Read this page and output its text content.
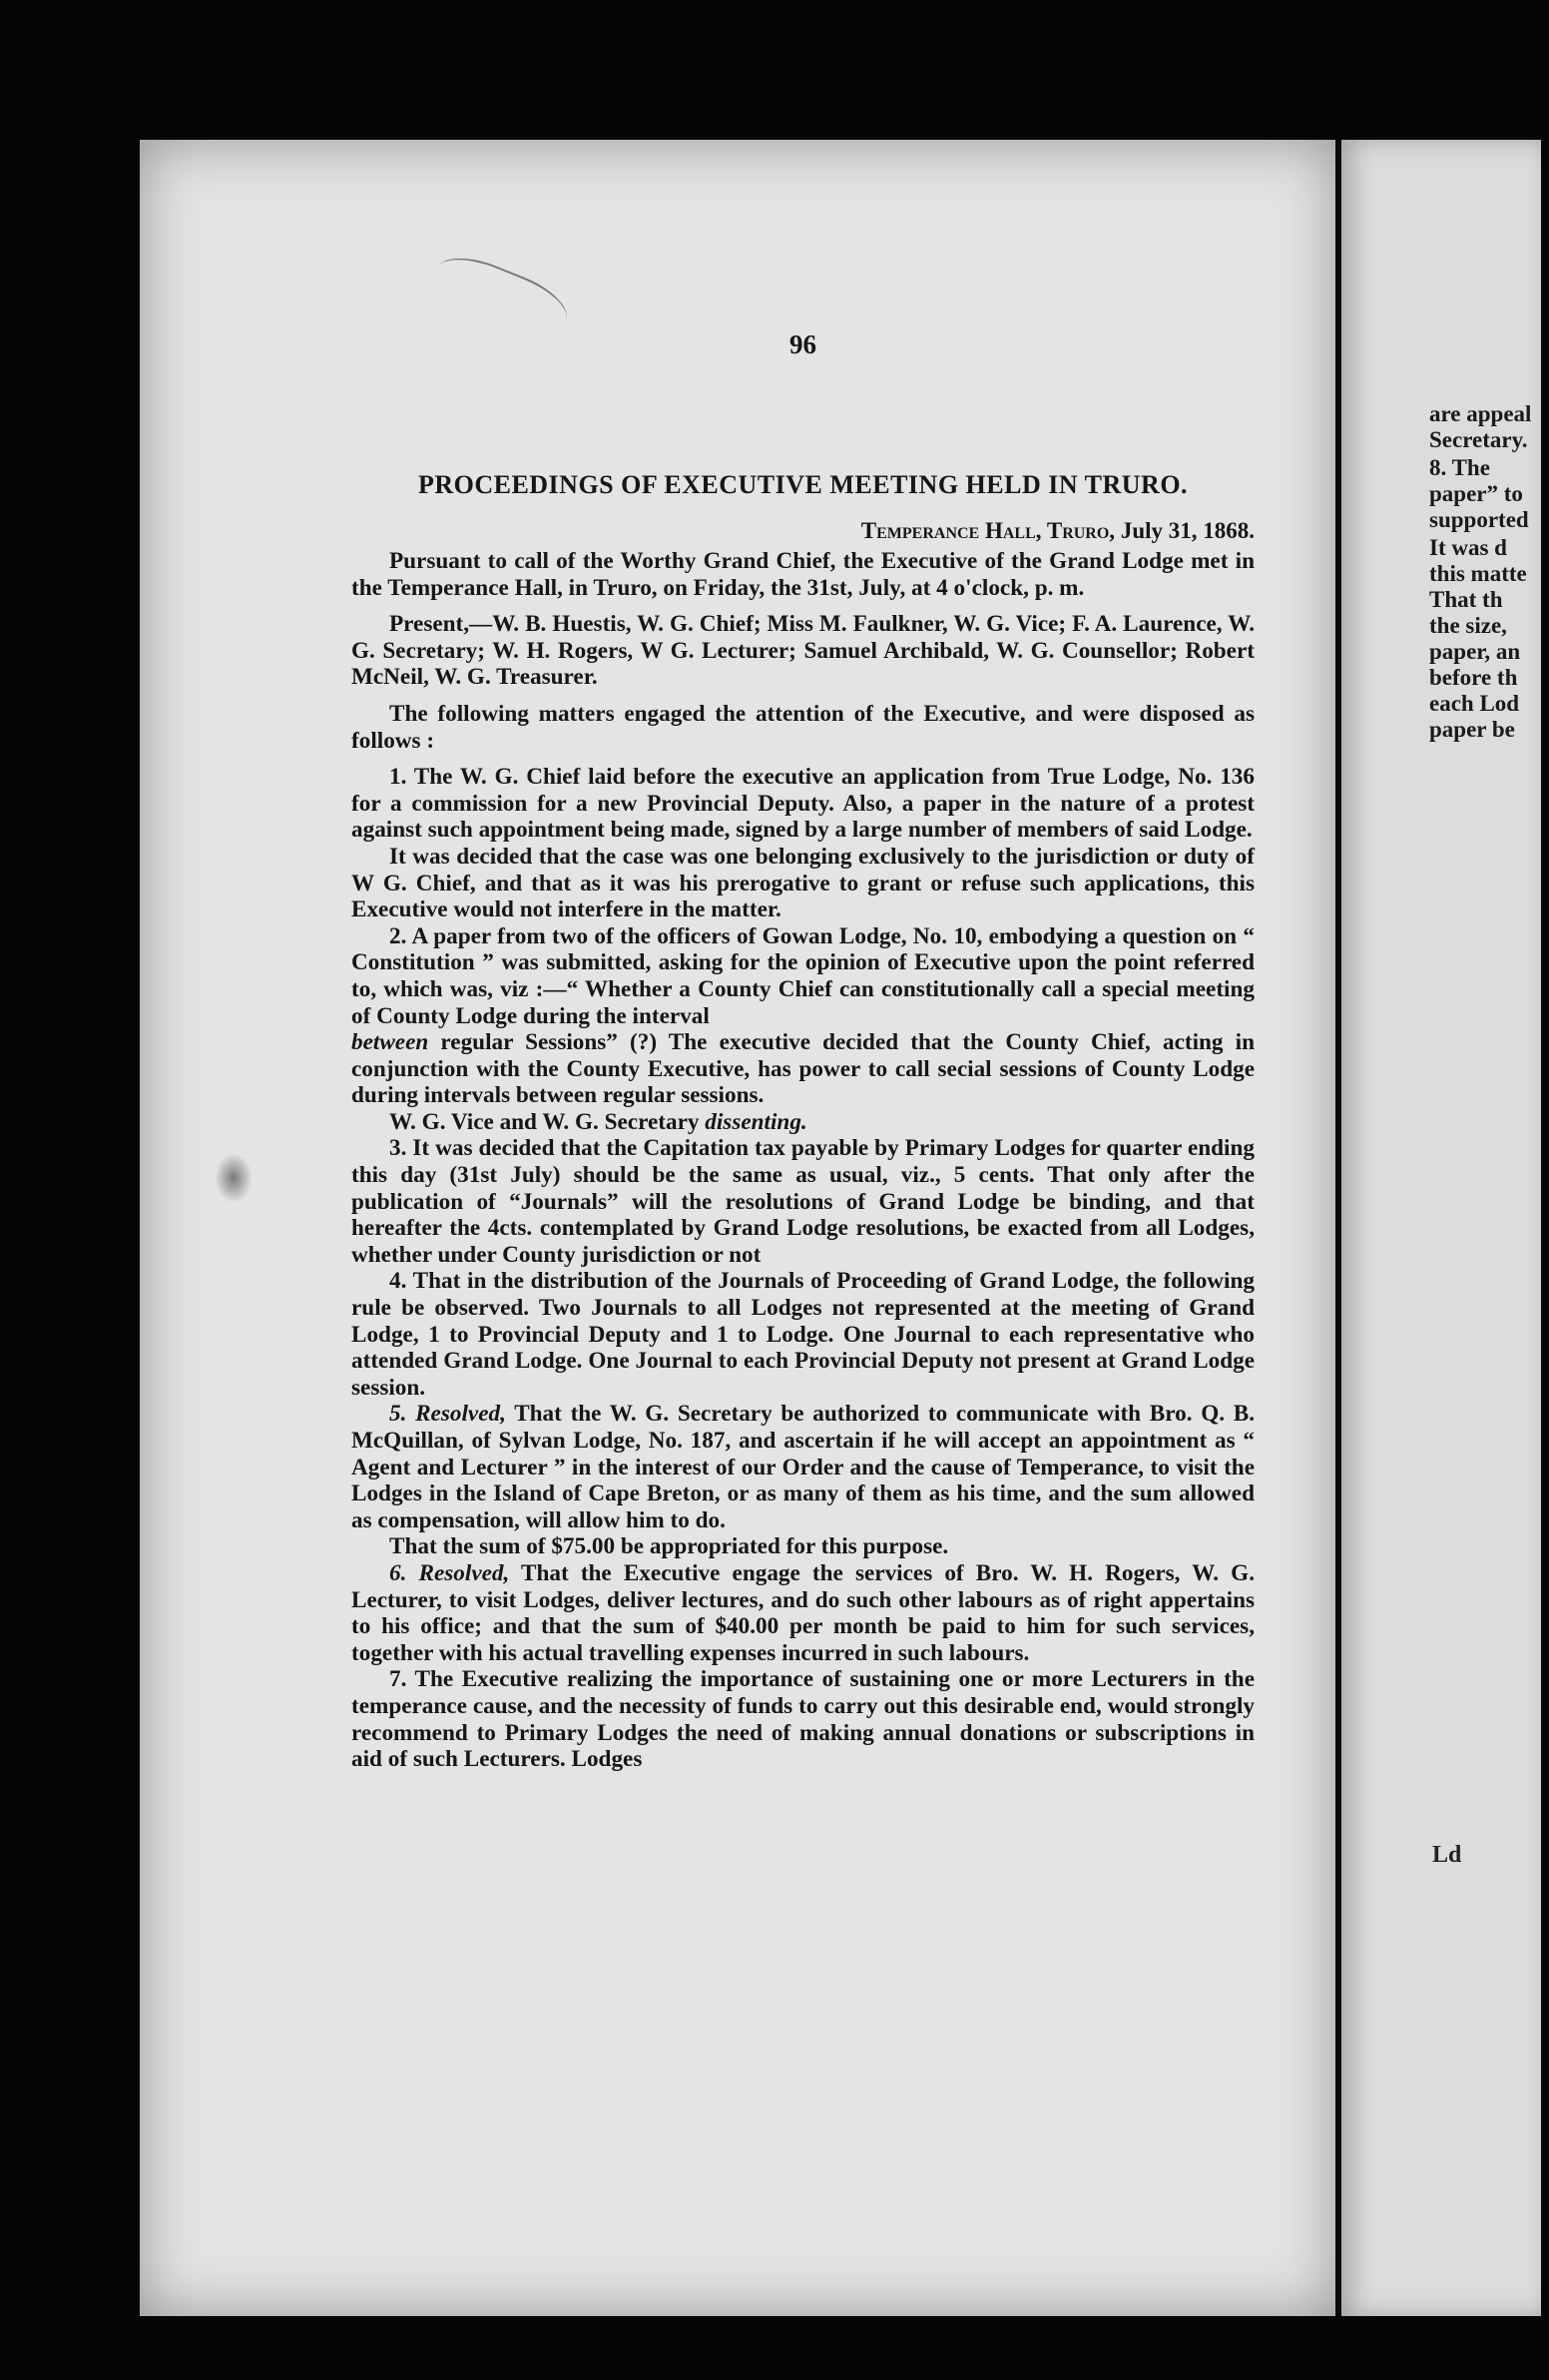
are appeal
Secretary.
8. The
paper” to
supported
It was d
this matte
That th
the size,
paper, an
before th
each Lod
paper be
Ld
96
PROCEEDINGS OF EXECUTIVE MEETING HELD IN TRURO.
Temperance Hall, Truro, July 31, 1868.

Pursuant to call of the Worthy Grand Chief, the Executive of the Grand Lodge met in the Temperance Hall, in Truro, on Friday, the 31st, July, at 4 o'clock, p. m.

Present,—W. B. Huestis, W. G. Chief; Miss M. Faulkner, W. G. Vice; F. A. Laurence, W. G. Secretary; W. H. Rogers, W G. Lecturer; Samuel Archibald, W. G. Counsellor; Robert McNeil, W. G. Treasurer.

The following matters engaged the attention of the Executive, and were disposed as follows :

1. The W. G. Chief laid before the executive an application from True Lodge, No. 136 for a commission for a new Provincial Deputy. Also, a paper in the nature of a protest against such appointment being made, signed by a large number of members of said Lodge.

It was decided that the case was one belonging exclusively to the jurisdiction or duty of W G. Chief, and that as it was his prerogative to grant or refuse such applications, this Executive would not interfere in the matter.

2. A paper from two of the officers of Gowan Lodge, No. 10, embodying a question on “ Constitution ” was submitted, asking for the opinion of Executive upon the point referred to, which was, viz :—“ Whether a County Chief can constitutionally call a special meeting of County Lodge during the interval

between regular Sessions” (?) The executive decided that the County Chief, acting in conjunction with the County Executive, has power to call secial sessions of County Lodge during intervals between regular sessions.

W. G. Vice and W. G. Secretary dissenting.

3. It was decided that the Capitation tax payable by Primary Lodges for quarter ending this day (31st July) should be the same as usual, viz., 5 cents. That only after the publication of “Journals” will the resolutions of Grand Lodge be binding, and that hereafter the 4cts. contemplated by Grand Lodge resolutions, be exacted from all Lodges, whether under County jurisdiction or not

4. That in the distribution of the Journals of Proceeding of Grand Lodge, the following rule be observed. Two Journals to all Lodges not represented at the meeting of Grand Lodge, 1 to Provincial Deputy and 1 to Lodge. One Journal to each representative who attended Grand Lodge. One Journal to each Provincial Deputy not present at Grand Lodge session.

5. Resolved, That the W. G. Secretary be authorized to communicate with Bro. Q. B. McQuillan, of Sylvan Lodge, No. 187, and ascertain if he will accept an appointment as “ Agent and Lecturer ” in the interest of our Order and the cause of Temperance, to visit the Lodges in the Island of Cape Breton, or as many of them as his time, and the sum allowed as compensation, will allow him to do.

That the sum of $75.00 be appropriated for this purpose.

6. Resolved, That the Executive engage the services of Bro. W. H. Rogers, W. G. Lecturer, to visit Lodges, deliver lectures, and do such other labours as of right appertains to his office; and that the sum of $40.00 per month be paid to him for such services, together with his actual travelling expenses incurred in such labours.

7. The Executive realizing the importance of sustaining one or more Lecturers in the temperance cause, and the necessity of funds to carry out this desirable end, would strongly recommend to Primary Lodges the need of making annual donations or subscriptions in aid of such Lecturers. Lodges
